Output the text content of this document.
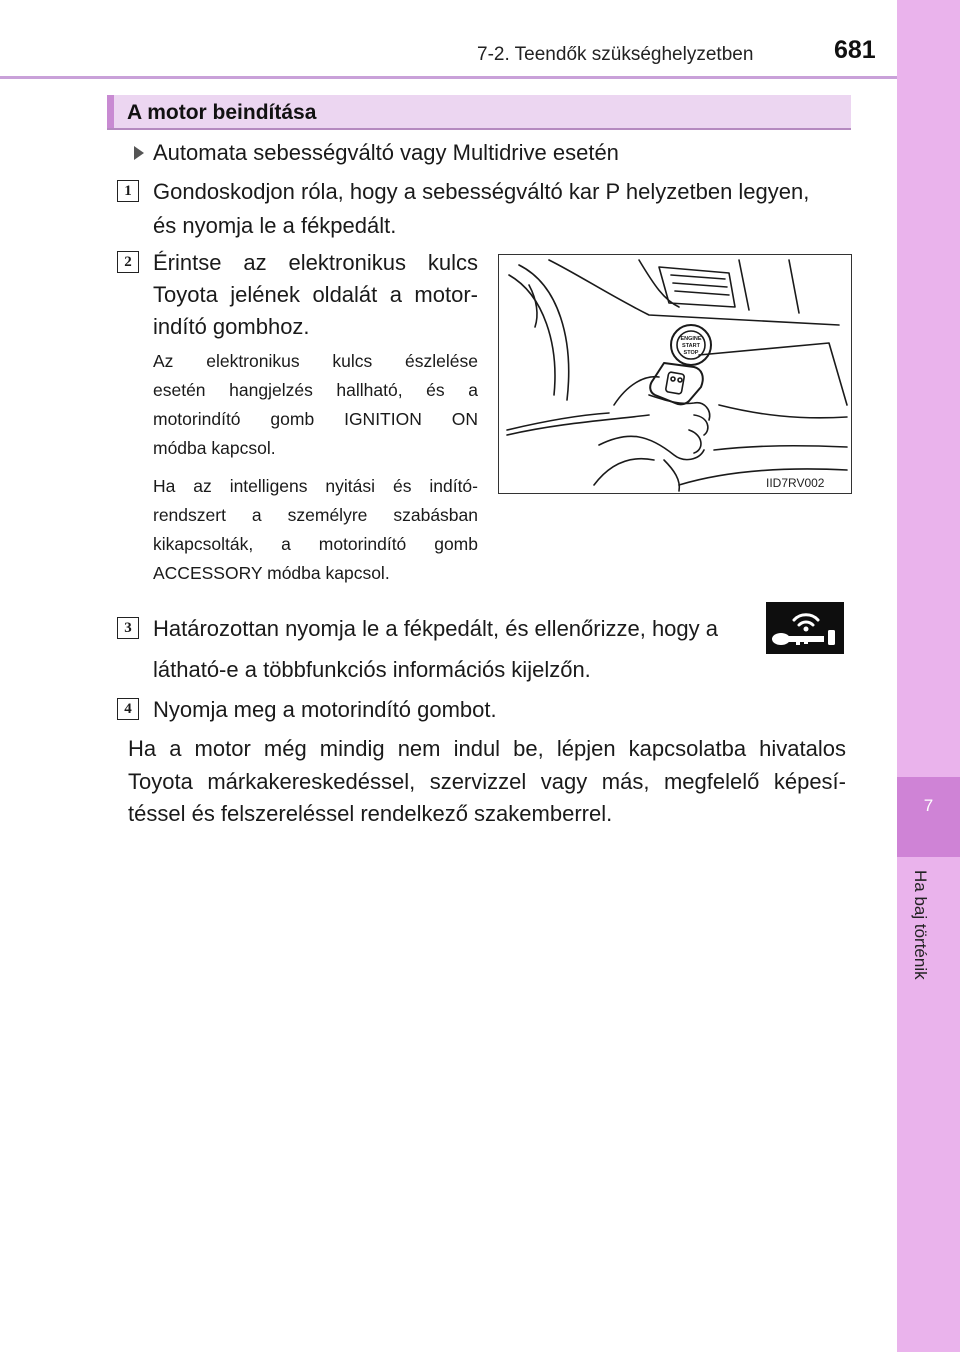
7-2. Teendők szükséghelyzetben	681
7
Ha baj történik
A motor beindítása
Automata sebességváltó vagy Multidrive esetén
1 Gondoskodjon róla, hogy a sebességváltó kar P helyzetben legyen,
és nyomja le a fékpedált.
2 Érintse az elektronikus kulcs
Toyota jelének oldalát a motor-
indító gombhoz.
Az elektronikus kulcs észlelése
esetén hangjelzés hallható, és a
motorindító gomb IGNITION ON
módba kapcsol.
Ha az intelligens nyitási és indító-
rendszert a személyre szabásban
kikapcsolták, a motorindító gomb
ACCESSORY módba kapcsol.
ENGINE
START
STOP
IID7RV002
3 Határozottan nyomja le a fékpedált, és ellenőrizze, hogy a
látható-e a többfunkciós információs kijelzőn.
4 Nyomja meg a motorindító gombot.
Ha a motor még mindig nem indul be, lépjen kapcsolatba hivatalos
Toyota márkakereskedéssel, szervizzel vagy más, megfelelő képesí-
téssel és felszereléssel rendelkező szakemberrel.
